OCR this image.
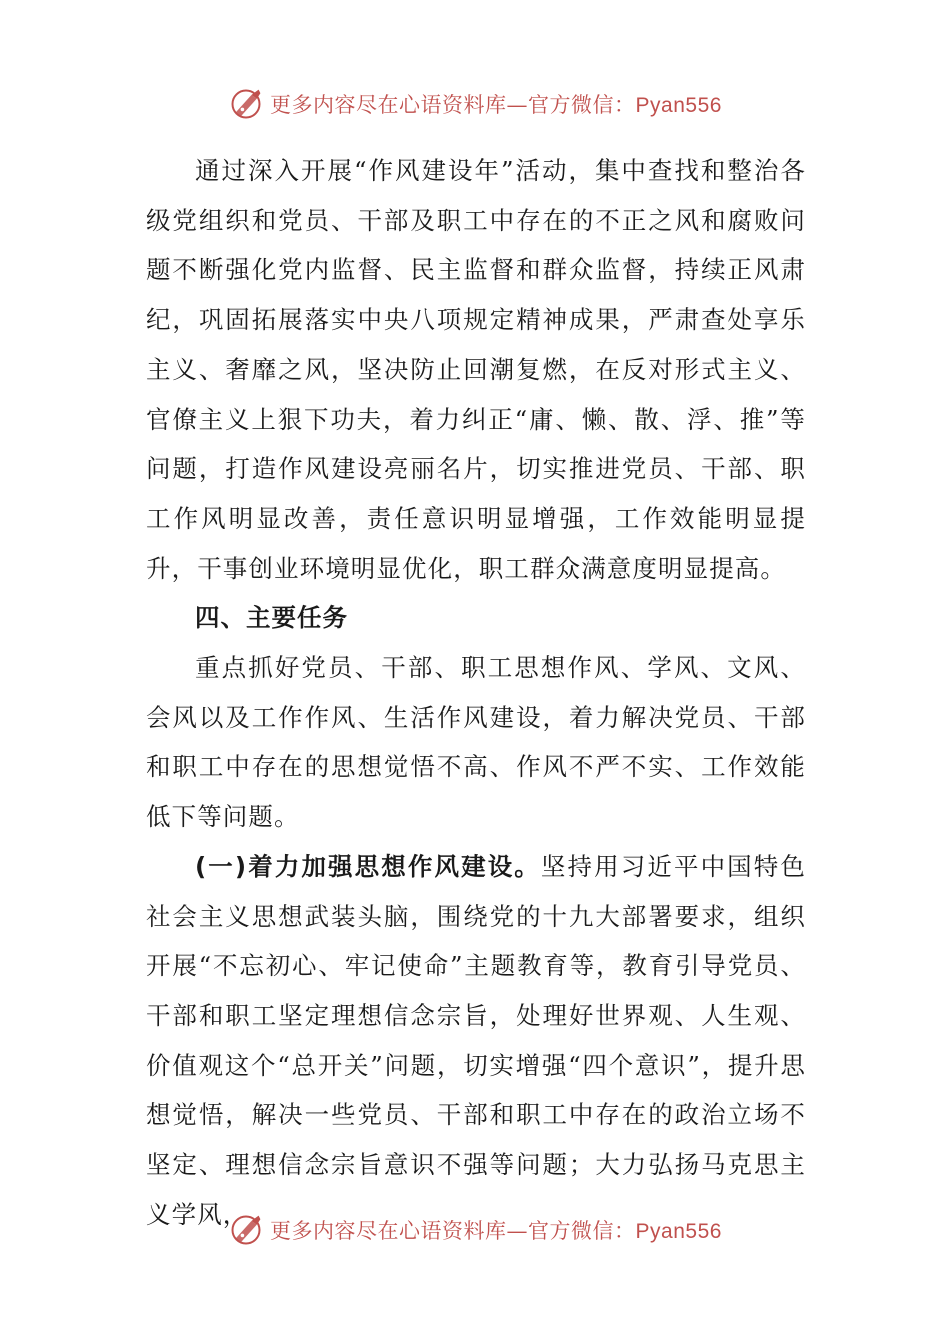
更多内容尽在心语资料库—官方微信：Pyan556

通过深入开展“作风建设年”活动，集中查找和整治各级党组织和党员、干部及职工中存在的不正之风和腐败问题不断强化党内监督、民主监督和群众监督，持续正风肃纪，巩固拓展落实中央八项规定精神成果，严肃查处享乐主义、奢靡之风，坚决防止回潮复燃，在反对形式主义、官僚主义上狠下功夫，着力纠正“庸、懒、散、浮、推”等问题，打造作风建设亮丽名片，切实推进党员、干部、职工作风明显改善，责任意识明显增强，工作效能明显提升，干事创业环境明显优化，职工群众满意度明显提高。

四、主要任务

重点抓好党员、干部、职工思想作风、学风、文风、会风以及工作作风、生活作风建设，着力解决党员、干部和职工中存在的思想觉悟不高、作风不严不实、工作效能低下等问题。

(一)着力加强思想作风建设。坚持用习近平中国特色社会主义思想武装头脑，围绕党的十九大部署要求，组织开展“不忘初心、牢记使命”主题教育等，教育引导党员、干部和职工坚定理想信念宗旨，处理好世界观、人生观、价值观这个“总开关”问题，切实增强“四个意识”，提升思想觉悟，解决一些党员、干部和职工中存在的政治立场不坚定、理想信念宗旨意识不强等问题；大力弘扬马克思主义学风，

更多内容尽在心语资料库—官方微信：Pyan556
